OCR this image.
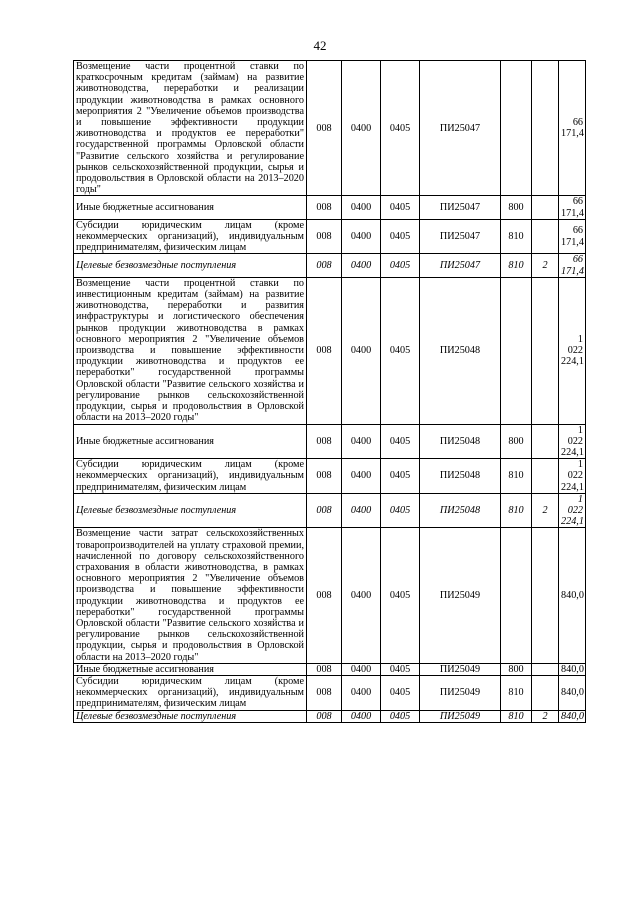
42
Возмещение части процентной ставки по краткосрочным кредитам (займам) на развитие животноводства, переработки и реализации продукции животноводства в рамках основного мероприятия 2 "Увеличение объемов производства и повышение эффективности продукции животноводства и продуктов ее переработки" государственной программы Орловской области "Развитие сельского хозяйства и регулирование рынков сельскохозяйственной продукции, сырья и продовольствия в Орловской области на 2013–2020 годы"	008	0400	0405	ПИ25047			66 171,4
Иные бюджетные ассигнования	008	0400	0405	ПИ25047	800		66 171,4
Субсидии юридическим лицам (кроме некоммерческих организаций), индивидуальным предпринимателям, физическим лицам	008	0400	0405	ПИ25047	810		66 171,4
Целевые безвозмездные поступления	008	0400	0405	ПИ25047	810	2	66 171,4
Возмещение части процентной ставки по инвестиционным кредитам (займам) на развитие животноводства, переработки и развития инфраструктуры и логистического обеспечения рынков продукции животноводства в рамках основного мероприятия 2 "Увеличение объемов производства и повышение эффективности продукции животноводства и продуктов ее переработки" государственной программы Орловской области "Развитие сельского хозяйства и регулирование рынков сельскохозяйственной продукции, сырья и продовольствия в Орловской области на 2013–2020 годы"	008	0400	0405	ПИ25048			1 022 224,1
Иные бюджетные ассигнования	008	0400	0405	ПИ25048	800		1 022 224,1
Субсидии юридическим лицам (кроме некоммерческих организаций), индивидуальным предпринимателям, физическим лицам	008	0400	0405	ПИ25048	810		1 022 224,1
Целевые безвозмездные поступления	008	0400	0405	ПИ25048	810	2	1 022 224,1
Возмещение части затрат сельскохозяйственных товаропроизводителей на уплату страховой премии, начисленной по договору сельскохозяйственного страхования в области животноводства, в рамках основного мероприятия 2 "Увеличение объемов производства и повышение эффективности продукции животноводства и продуктов ее переработки" государственной программы Орловской области "Развитие сельского хозяйства и регулирование рынков сельскохозяйственной продукции, сырья и продовольствия в Орловской области на 2013–2020 годы"	008	0400	0405	ПИ25049			840,0
Иные бюджетные ассигнования	008	0400	0405	ПИ25049	800		840,0
Субсидии юридическим лицам (кроме некоммерческих организаций), индивидуальным предпринимателям, физическим лицам	008	0400	0405	ПИ25049	810		840,0
Целевые безвозмездные поступления	008	0400	0405	ПИ25049	810	2	840,0
